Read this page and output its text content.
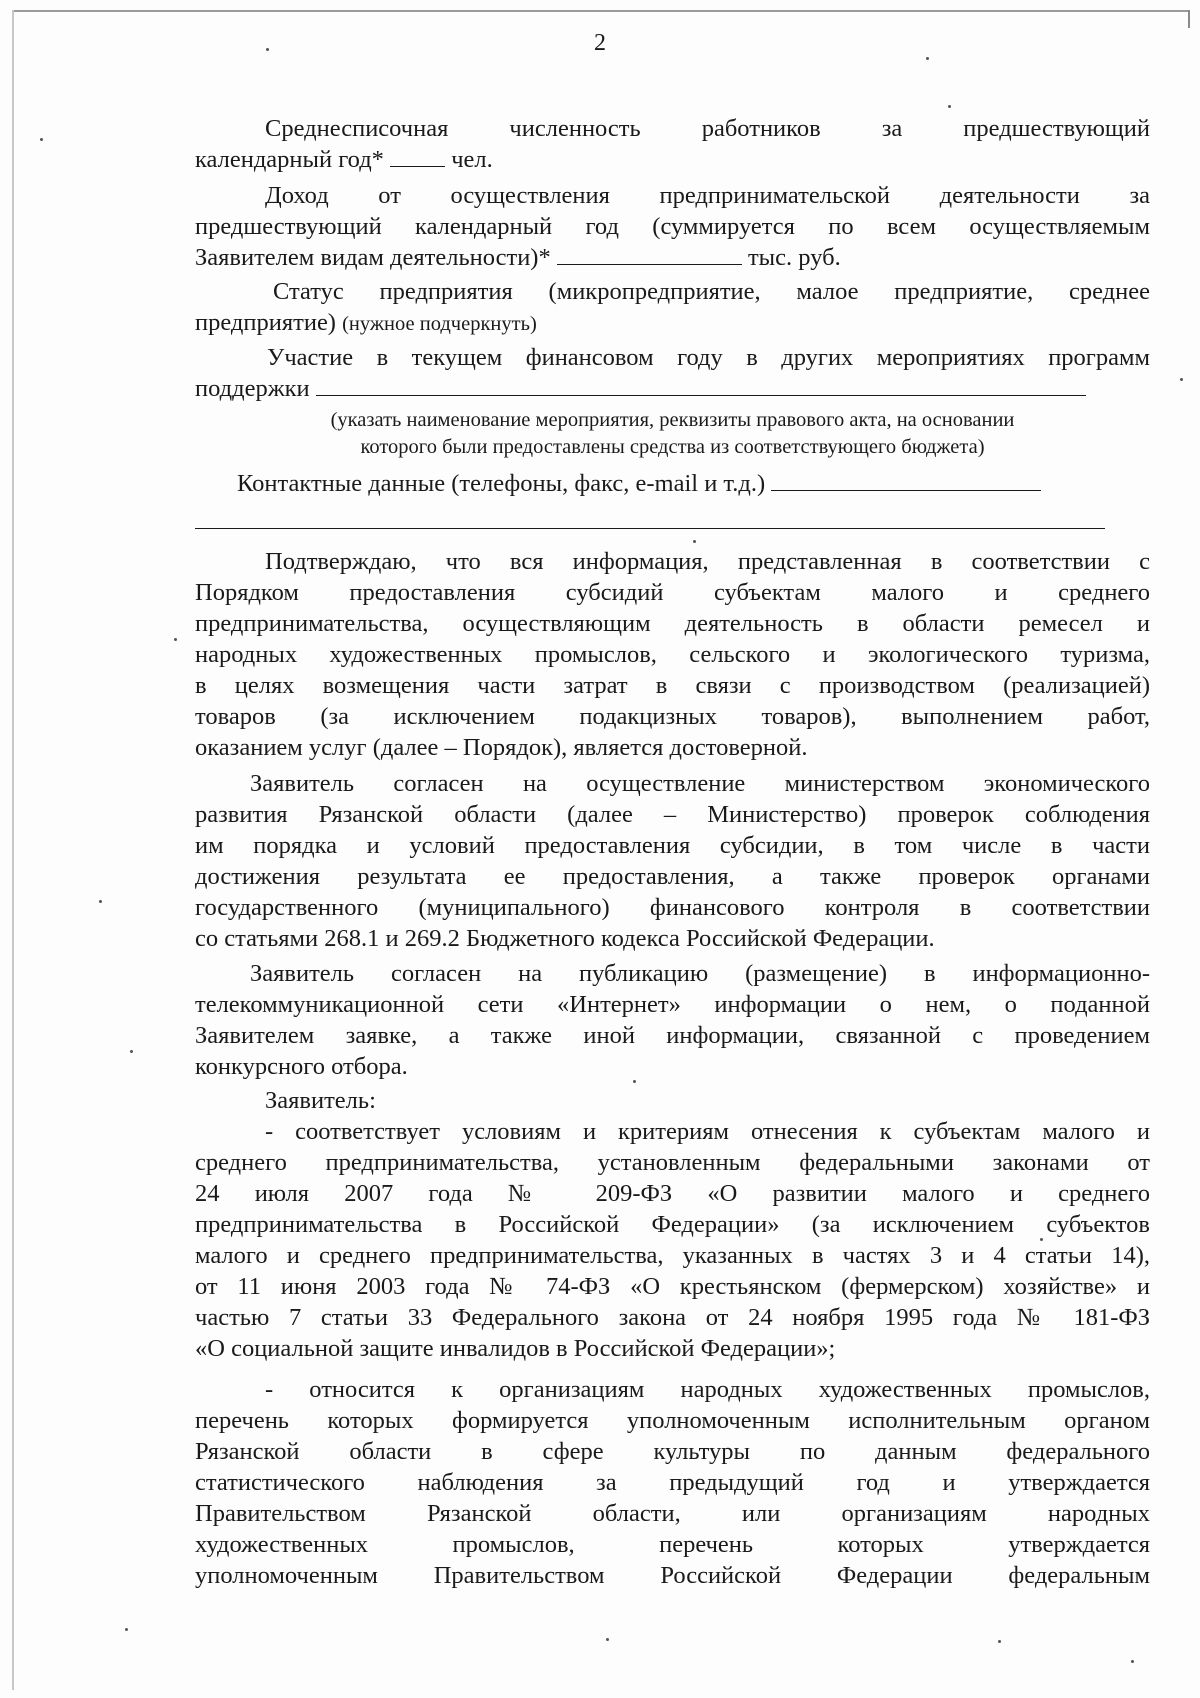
2
Среднесписочная численность работников за предшествующий
календарный год*	чел.
Доход от осуществления предпринимательской деятельности за
предшествующий календарный год (суммируется по всем осуществляемым
Заявителем видам деятельности)*	тыс. руб.
Статус предприятия (микропредприятие, малое предприятие, среднее
предприятие) (нужное подчеркнуть)
Участие в текущем финансовом году в других мероприятиях программ
поддержки
(указать наименование мероприятия, реквизиты правового акта, на основании
которого были предоставлены средства из соответствующего бюджета)
Контактные данные (телефоны, факс, e-mail и т.д.)
Подтверждаю, что вся информация, представленная в соответствии с
Порядком предоставления субсидий субъектам малого и среднего
предпринимательства, осуществляющим деятельность в области ремесел и
народных художественных промыслов, сельского и экологического туризма,
в целях возмещения части затрат в связи с производством (реализацией)
товаров (за исключением подакцизных товаров), выполнением работ,
оказанием услуг (далее – Порядок), является достоверной.
Заявитель согласен на осуществление министерством экономического
развития Рязанской области (далее – Министерство) проверок соблюдения
им порядка и условий предоставления субсидии, в том числе в части
достижения результата ее предоставления, а также проверок органами
государственного (муниципального) финансового контроля в соответствии
со статьями 268.1 и 269.2 Бюджетного кодекса Российской Федерации.
Заявитель согласен на публикацию (размещение) в информационно-
телекоммуникационной сети «Интернет» информации о нем, о поданной
Заявителем заявке, а также иной информации, связанной с проведением
конкурсного отбора.
Заявитель:
- соответствует условиям и критериям отнесения к субъектам малого и
среднего предпринимательства, установленным федеральными законами от
24 июля 2007 года № 209-ФЗ «О развитии малого и среднего
предпринимательства в Российской Федерации» (за исключением субъектов
малого и среднего предпринимательства, указанных в частях 3 и 4 статьи 14),
от 11 июня 2003 года № 74-ФЗ «О крестьянском (фермерском) хозяйстве» и
частью 7 статьи 33 Федерального закона от 24 ноября 1995 года № 181-ФЗ
«О социальной защите инвалидов в Российской Федерации»;
- относится к организациям народных художественных промыслов,
перечень которых формируется уполномоченным исполнительным органом
Рязанской области в сфере культуры по данным федерального
статистического наблюдения за предыдущий год и утверждается
Правительством Рязанской области, или организациям народных
художественных промыслов, перечень которых утверждается
уполномоченным Правительством Российской Федерации федеральным
